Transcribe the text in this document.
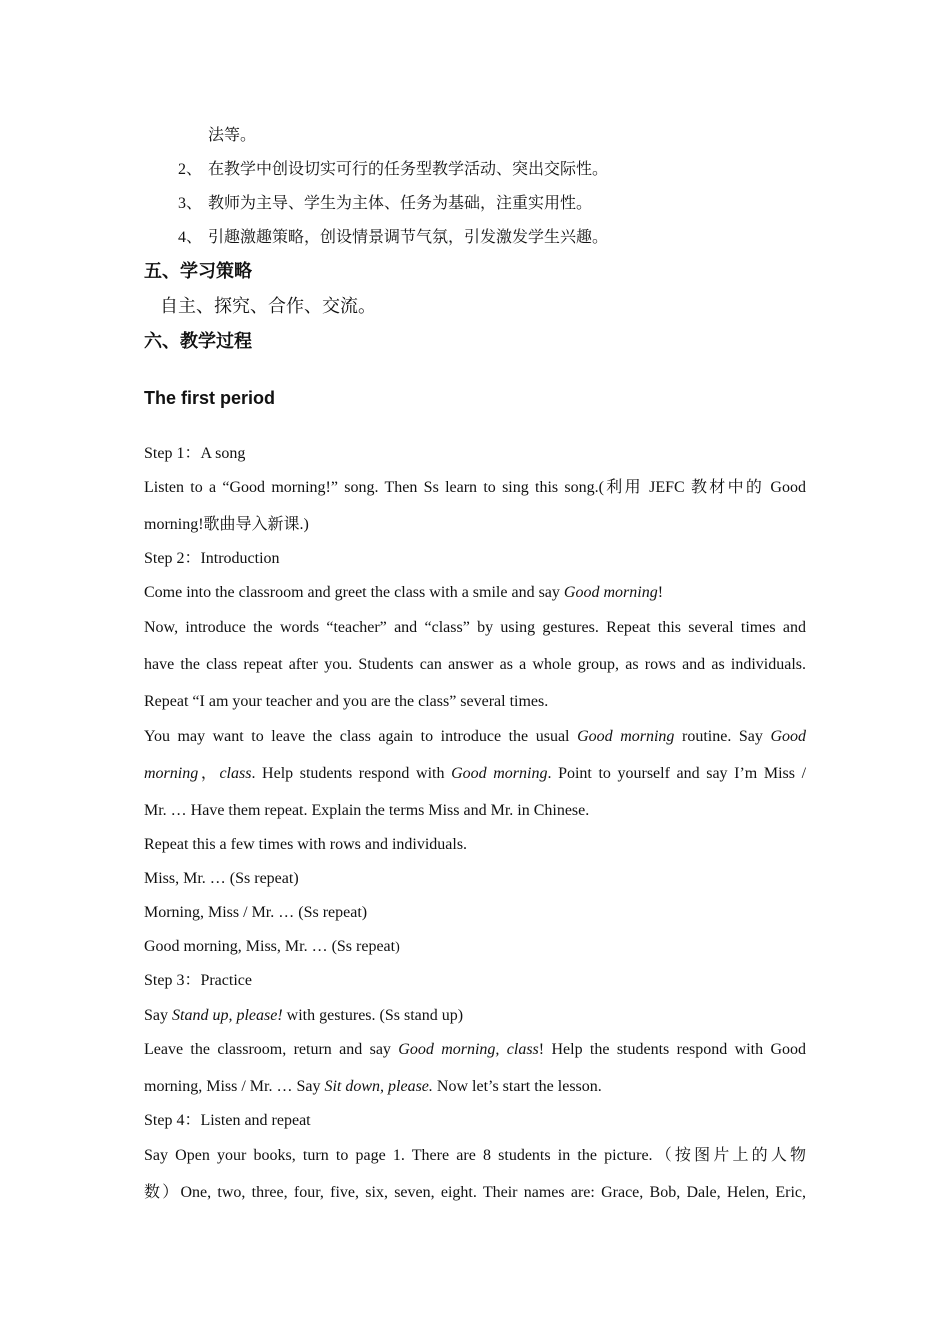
法等。
2、 在教学中创设切实可行的任务型教学活动、突出交际性。
3、 教师为主导、学生为主体、任务为基础，注重实用性。
4、 引趣激趣策略，创设情景调节气氛，引发激发学生兴趣。
五、学习策略
自主、探究、合作、交流。
六、教学过程
The first period
Step 1：A song
Listen to a “Good morning!” song. Then Ss learn to sing this song.(利用 JEFC 教材中的 Good
morning!歌曲导入新课.)
Step 2：Introduction
Come into the classroom and greet the class with a smile and say Good morning!
Now, introduce the words “teacher” and “class” by using gestures. Repeat this several times and
have the class repeat after you. Students can answer as a whole group, as rows and as individuals.
Repeat “I am your teacher and you are the class” several times.
You may want to leave the class again to introduce the usual Good morning routine. Say Good
morning，class. Help students respond with Good morning. Point to yourself and say I’m Miss /
Mr. … Have them repeat. Explain the terms Miss and Mr. in Chinese.
Repeat this a few times with rows and individuals.
Miss, Mr. … (Ss repeat)
Morning, Miss / Mr. … (Ss repeat)
Good morning, Miss, Mr. … (Ss repeat)
Step 3：Practice
Say Stand up, please! with gestures. (Ss stand up)
Leave the classroom, return and say Good morning, class! Help the students respond with Good
morning, Miss / Mr. … Say Sit down, please. Now let’s start the lesson.
Step 4：Listen and repeat
Say Open your books, turn to page 1. There are 8 students in the picture.（按图片上的人物
数）One, two, three, four, five, six, seven, eight. Their names are: Grace, Bob, Dale, Helen, Eric,
